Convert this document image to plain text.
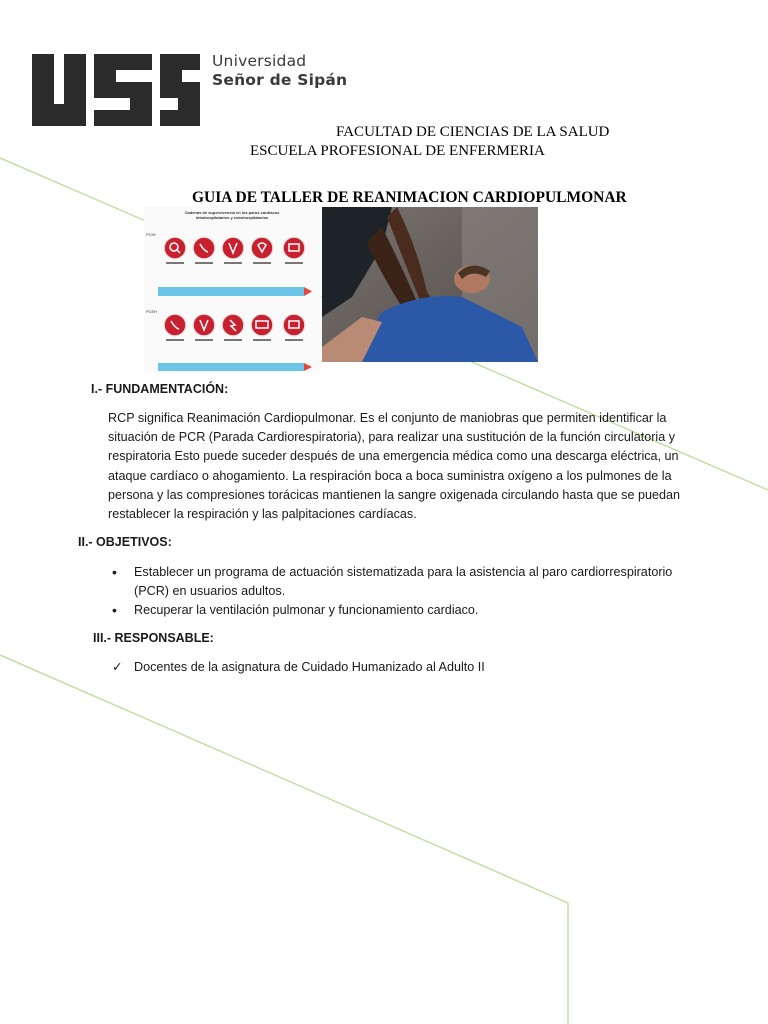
Universidad
Señor de Sipán
FACULTAD DE CIENCIAS DE LA SALUD
ESCUELA PROFESIONAL DE ENFERMERIA
GUIA DE TALLER DE REANIMACION CARDIOPULMONAR
Cadenas de supervivencia en los paros cardiacos
intrahospitalarios y extrahospitalarios
PCIH
PCEH
I.- FUNDAMENTACIÓN:
RCP significa Reanimación Cardiopulmonar. Es el conjunto de maniobras que permiten identificar la situación de PCR (Parada Cardiorespiratoria), para realizar una sustitución de la función circulatoria y respiratoria Esto puede suceder después de una emergencia médica como una descarga eléctrica, un ataque cardíaco o ahogamiento. La respiración boca a boca suministra oxígeno a los pulmones de la persona y las compresiones torácicas mantienen la sangre oxigenada circulando hasta que se puedan restablecer la respiración y las palpitaciones cardíacas.
II.- OBJETIVOS:
• Establecer un programa de actuación sistematizada para la asistencia al paro cardiorrespiratorio (PCR) en usuarios adultos.
• Recuperar la ventilación pulmonar y funcionamiento cardiaco.
III.- RESPONSABLE:
✓ Docentes de la asignatura de Cuidado Humanizado al Adulto II
